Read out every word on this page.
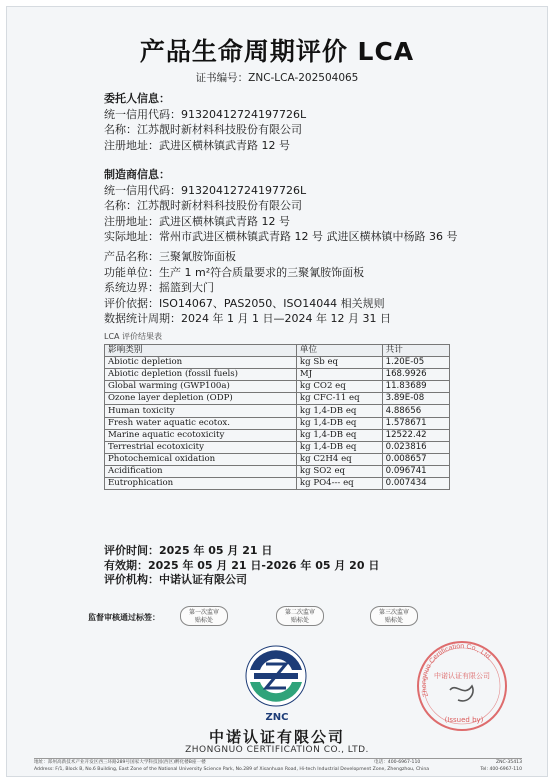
产品生命周期评价 LCA
证书编号：ZNC-LCA-202504065
委托人信息：
统一信用代码：91320412724197726L
名称：江苏靓时新材料科技股份有限公司
注册地址：武进区横林镇武青路 12 号
制造商信息：
统一信用代码：91320412724197726L
名称：江苏靓时新材料科技股份有限公司
注册地址：武进区横林镇武青路 12 号
实际地址：常州市武进区横林镇武青路 12 号 武进区横林镇中杨路 36 号
产品名称：三聚氰胺饰面板
功能单位：生产 1 m²符合质量要求的三聚氰胺饰面板
系统边界：摇篮到大门
评价依据：ISO14067、PAS2050、ISO14044 相关规则
数据统计周期：2024 年 1 月 1 日—2024 年 12 月 31 日
LCA 评价结果表
影响类别	单位	共计
Abiotic depletion	kg Sb eq	1.20E-05
Abiotic depletion (fossil fuels)	MJ	168.9926
Global warming (GWP100a)	kg CO2 eq	11.83689
Ozone layer depletion (ODP)	kg CFC-11 eq	3.89E-08
Human toxicity	kg 1,4-DB eq	4.88656
Fresh water aquatic ecotox.	kg 1,4-DB eq	1.578671
Marine aquatic ecotoxicity	kg 1,4-DB eq	12522.42
Terrestrial ecotoxicity	kg 1,4-DB eq	0.023816
Photochemical oxidation	kg C2H4 eq	0.008657
Acidification	kg SO2 eq	0.096741
Eutrophication	kg PO4--- eq	0.007434
评价时间：2025 年 05 月 21 日
有效期：2025 年 05 月 21 日-2026 年 05 月 20 日
评价机构：中诺认证有限公司
监督审核通过标签：
第一次监审
贴标处
第二次监审
贴标处
第三次监审
贴标处
ZNC
中诺认证有限公司
ZHONGNUO CERTIFICATION CO., LTD.
Zhongnuo Certification Co., Ltd.
中诺认证有限公司
(Issued by)
地址：郑州高新技术产业开发区西三环路289号国家大学科技园(西区)孵化楼B座一楼	电话：400-6967-110	ZNC-35413
Address: F/1, Block B, No.6 Building, East Zone of the National University Science Park, No.289 of Xisanhuan Road, Hi-tech Industrial Development Zone, Zhengzhou, China	Tel: 400-6967-110
